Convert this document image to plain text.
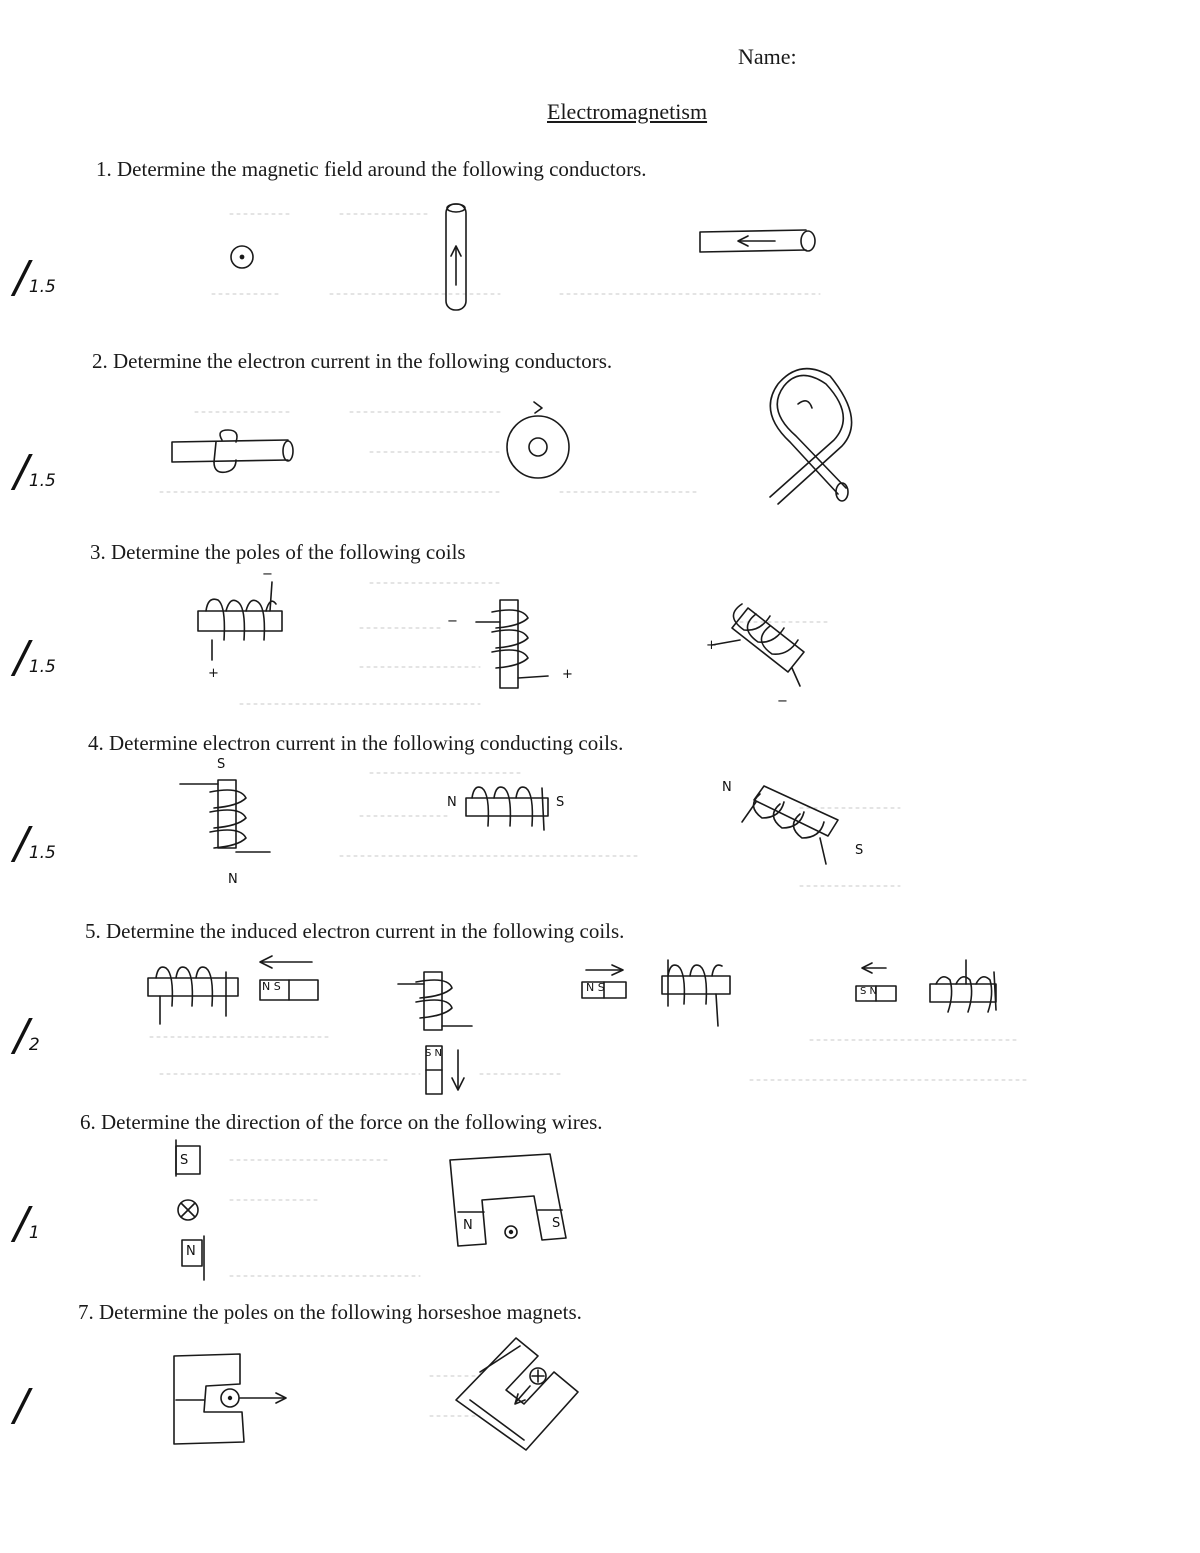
Name:
Electromagnetism
1. Determine the magnetic field around the following conductors.
2. Determine the electron current in the following conductors.
3. Determine the poles of the following coils
4. Determine electron current in the following conducting coils.
5. Determine the induced electron current in the following coils.
6. Determine the direction of the force on the following wires.
7. Determine the poles on the following horseshoe magnets.
/1.5
/1.5
/1.5
/1.5
/2
/1
/
−
+
−
+
+
−
S
N
N	S
N
S
N S
S N
N S	S N
S
N
N	S
